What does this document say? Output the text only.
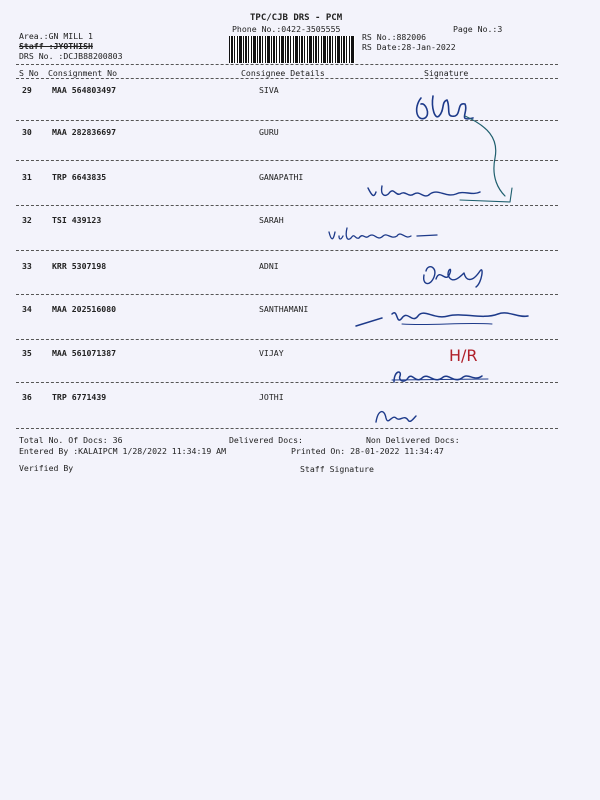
TPC/CJB DRS - PCM
Phone No.:0422-3505555	Page No.:3
Area.:GN MILL 1
Staff :JYOTHISH
DRS No. :DCJB88200803
RS No.:882006
RS Date:28-Jan-2022
S No Consignment No	Consignee Details	Signature
29 MAA 564803497	SIVA
30 MAA 282836697	GURU
31 TRP 6643835	GANAPATHI
32 TSI 439123	SARAH
33 KRR 5307198	ADNI
34 MAA 202516080	SANTHAMANI
35 MAA 561071387	VIJAY
36 TRP 6771439	JOTHI
H/R
Total No. Of Docs: 36	Delivered Docs:	Non Delivered Docs:
Entered By :KALAIPCM 1/28/2022 11:34:19 AM	Printed On: 28-01-2022 11:34:47
Verified By	Staff Signature
